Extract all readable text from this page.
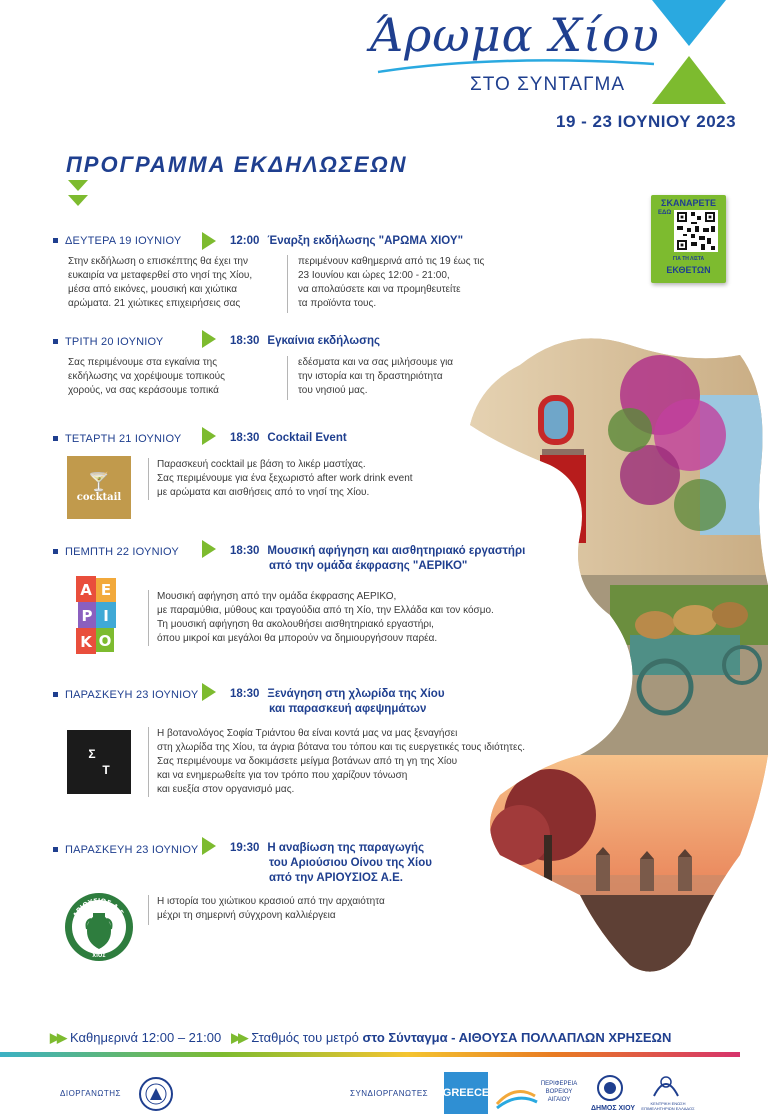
Άρωμα Χίου
ΣΤΟ ΣΥΝΤΑΓΜΑ
19 - 23 ΙΟΥΝΙΟΥ 2023
ΠΡΟΓΡΑΜΜΑ ΕΚΔΗΛΩΣΕΩΝ
ΣΚΑΝΑΡΕΤΕ
ΕΔΩ
ΓΙΑ ΤΗ ΛΙΣΤΑ
ΕΚΘΕΤΩΝ
ΔΕΥΤΕΡΑ 19 ΙΟΥΝΙΟΥ	12:00 Έναρξη εκδήλωσης "ΑΡΩΜΑ ΧΙΟΥ"
Στην εκδήλωση ο επισκέπτης θα έχει την
ευκαιρία να μεταφερθεί στο νησί της Χίου,
μέσα από εικόνες, μουσική και χιώτικα
αρώματα. 21 χιώτικες επιχειρήσεις σας
περιμένουν καθημερινά από τις 19 έως τις
23 Ιουνίου και ώρες 12:00 - 21:00,
να απολαύσετε και να προμηθευτείτε
τα προϊόντα τους.
ΤΡΙΤΗ 20 ΙΟΥΝΙΟΥ	18:30 Εγκαίνια εκδήλωσης
Σας περιμένουμε στα εγκαίνια της
εκδήλωσης να χορέψουμε τοπικούς
χορούς, να σας κεράσουμε τοπικά
εδέσματα και να σας μιλήσουμε για
την ιστορία και τη δραστηριότητα
του νησιού μας.
ΤΕΤΑΡΤΗ 21 ΙΟΥΝΙΟΥ	18:30 Cocktail Event
🍸
cocktail
Παρασκευή cocktail με βάση το λικέρ μαστίχας.
Σας περιμένουμε για ένα ξεχωριστό after work drink event
με αρώματα και αισθήσεις από το νησί της Χίου.
ΠΕΜΠΤΗ 22 ΙΟΥΝΙΟΥ	18:30 Μουσική αφήγηση και αισθητηριακό εργαστήρι
από την ομάδα έκφρασης "ΑΕΡΙΚΟ"
Α Ε
Ρ Ι
Κ Ο
Μουσική αφήγηση από την ομάδα έκφρασης ΑΕΡΙΚΟ,
με παραμύθια, μύθους και τραγούδια από τη Χίο, την Ελλάδα και τον κόσμο.
Τη μουσική αφήγηση θα ακολουθήσει αισθητηριακό εργαστήρι,
όπου μικροί και μεγάλοι θα μπορούν να δημιουργήσουν παρέα.
ΠΑΡΑΣΚΕΥΗ 23 ΙΟΥΝΙΟΥ	18:30 Ξενάγηση στη χλωρίδα της Χίου
και παρασκευή αφεψημάτων
Σ
Τ
Η βοτανολόγος Σοφία Τριάντου θα είναι κοντά μας να μας ξεναγήσει
στη χλωρίδα της Χίου, τα άγρια βότανα του τόπου και τις ευεργετικές τους ιδιότητες.
Σας περιμένουμε να δοκιμάσετε μείγμα βοτάνων από τη γη της Χίου
και να ενημερωθείτε για τον τρόπο που χαρίζουν τόνωση
και ευεξία στον οργανισμό μας.
ΠΑΡΑΣΚΕΥΗ 23 ΙΟΥΝΙΟΥ	19:30 Η αναβίωση της παραγωγής
του Αριούσιου Οίνου της Χίου
από την ΑΡΙΟΥΣΙΟΣ Α.Ε.
ΑΡΙΟΥΣΙΟΣ Α.Ε.
ΧΙΟΣ
Η ιστορία του χιώτικου κρασιού από την αρχαιότητα
μέχρι τη σημερινή σύγχρονη καλλιέργεια
▶▶ Καθημερινά 12:00 – 21:00 ▶▶ Σταθμός του μετρό στο Σύνταγμα - ΑΙΘΟΥΣΑ ΠΟΛΛΑΠΛΩΝ ΧΡΗΣΕΩΝ
ΔΙΟΡΓΑΝΩΤΗΣ	ΣΥΝΔΙΟΡΓΑΝΩΤΕΣ GREECE
ΠΕΡΙΦΕΡΕΙΑ
ΒΟΡΕΙΟΥ
ΑΙΓΑΙΟΥ
ΔΗΜΟΣ ΧΙΟΥ
ΚΕΝΤΡΙΚΗ ΕΝΩΣΗ ΕΠΙΜΕΛΗΤΗΡΙΩΝ ΕΛΛΑΔΟΣ
